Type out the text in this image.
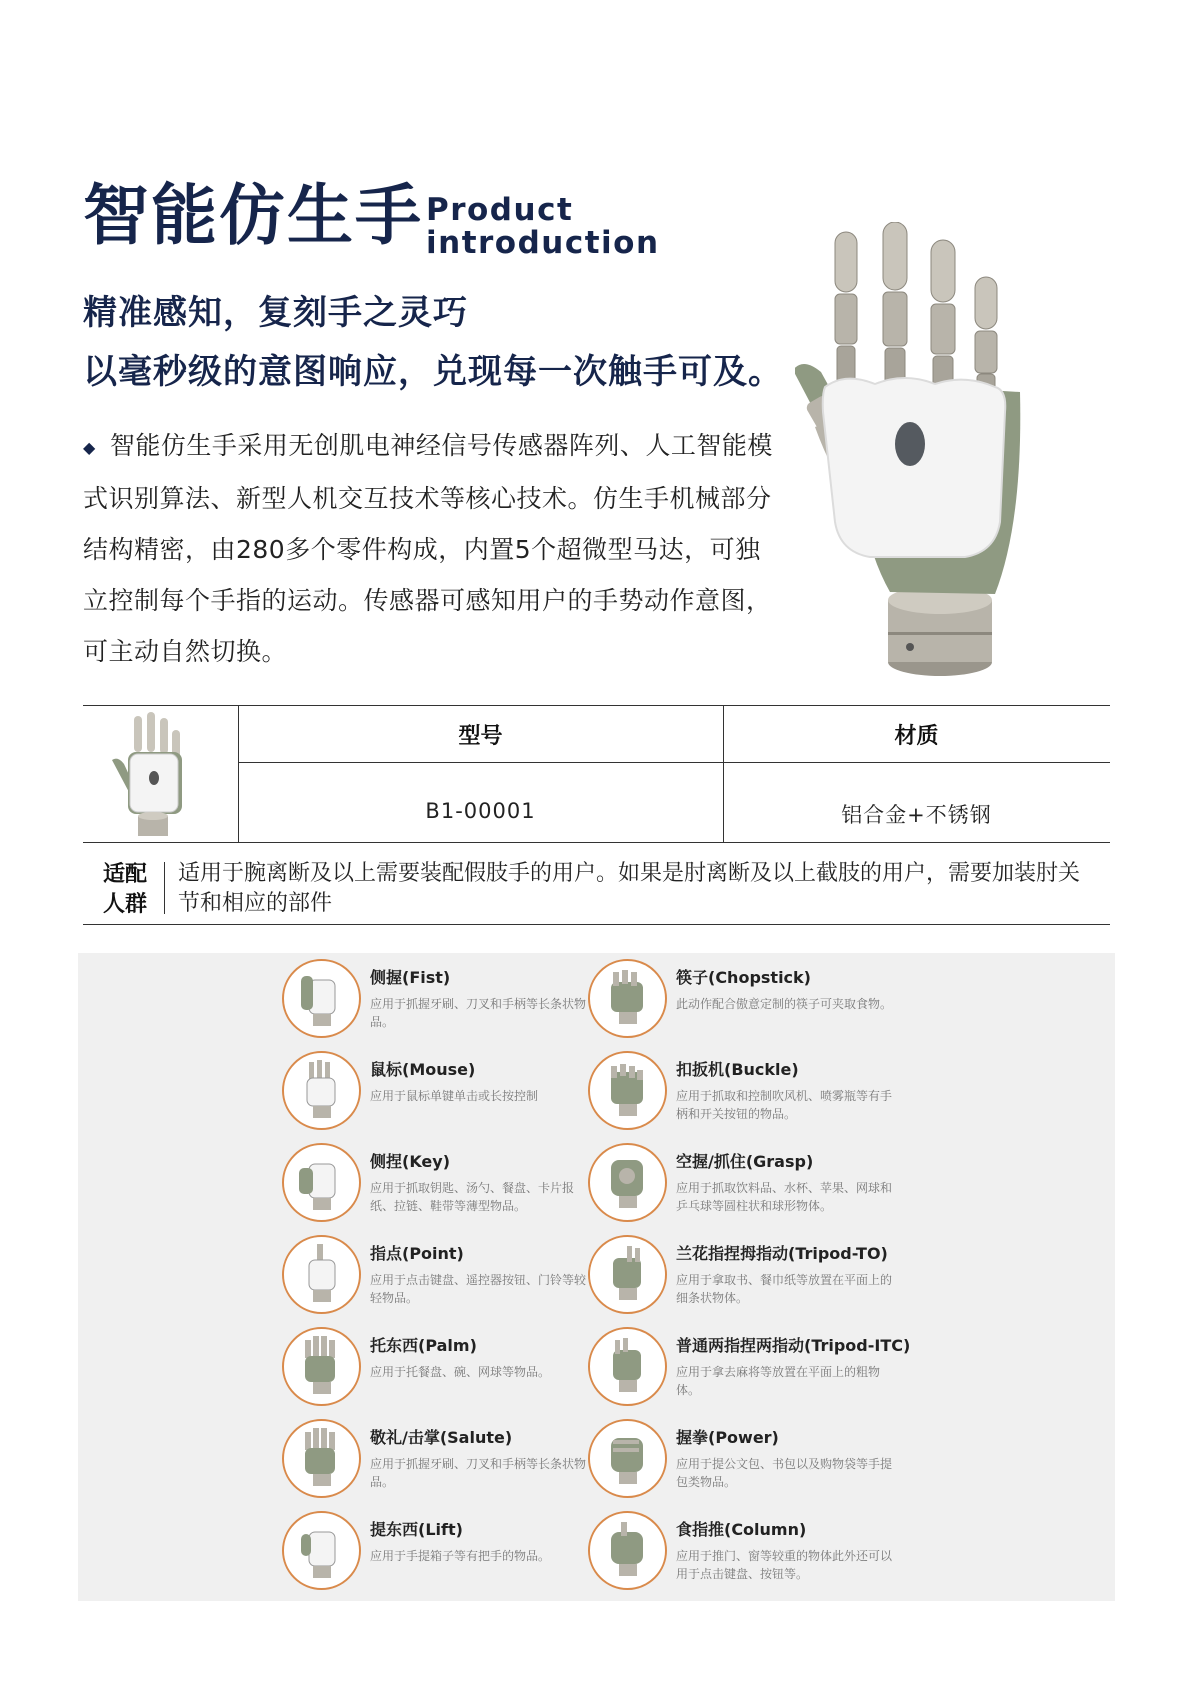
智能仿生手 Product
introduction
精准感知，复刻手之灵巧
以毫秒级的意图响应，兑现每一次触手可及。
◆ 智能仿生手采用无创肌电神经信号传感器阵列、人工智能模式识别算法、新型人机交互技术等核心技术。仿生手机械部分结构精密，由280多个零件构成，内置5个超微型马达，可独立控制每个手指的运动。传感器可感知用户的手势动作意图，可主动自然切换。
型号	材质
B1-00001	铝合金+不锈钢
适配
人群
适用于腕离断及以上需要装配假肢手的用户。如果是肘离断及以上截肢的用户，需要加装肘关节和相应的部件
侧握(Fist)
应用于抓握牙刷、刀叉和手柄等长条状物品。
筷子(Chopstick)
此动作配合傲意定制的筷子可夹取食物。
鼠标(Mouse)
应用于鼠标单键单击或长按控制
扣扳机(Buckle)
应用于抓取和控制吹风机、喷雾瓶等有手柄和开关按钮的物品。
侧捏(Key)
应用于抓取钥匙、汤勺、餐盘、卡片报纸、拉链、鞋带等薄型物品。
空握/抓住(Grasp)
应用于抓取饮料品、水杯、苹果、网球和乒乓球等圆柱状和球形物体。
指点(Point)
应用于点击键盘、遥控器按钮、门铃等较轻物品。
兰花指捏拇指动(Tripod-TO)
应用于拿取书、餐巾纸等放置在平面上的细条状物体。
托东西(Palm)
应用于托餐盘、碗、网球等物品。
普通两指捏两指动(Tripod-ITC)
应用于拿去麻将等放置在平面上的粗物体。
敬礼/击掌(Salute)
应用于抓握牙刷、刀叉和手柄等长条状物品。
握拳(Power)
应用于提公文包、书包以及购物袋等手提包类物品。
提东西(Lift)
应用于手提箱子等有把手的物品。
食指推(Column)
应用于推门、窗等较重的物体此外还可以用于点击键盘、按钮等。
